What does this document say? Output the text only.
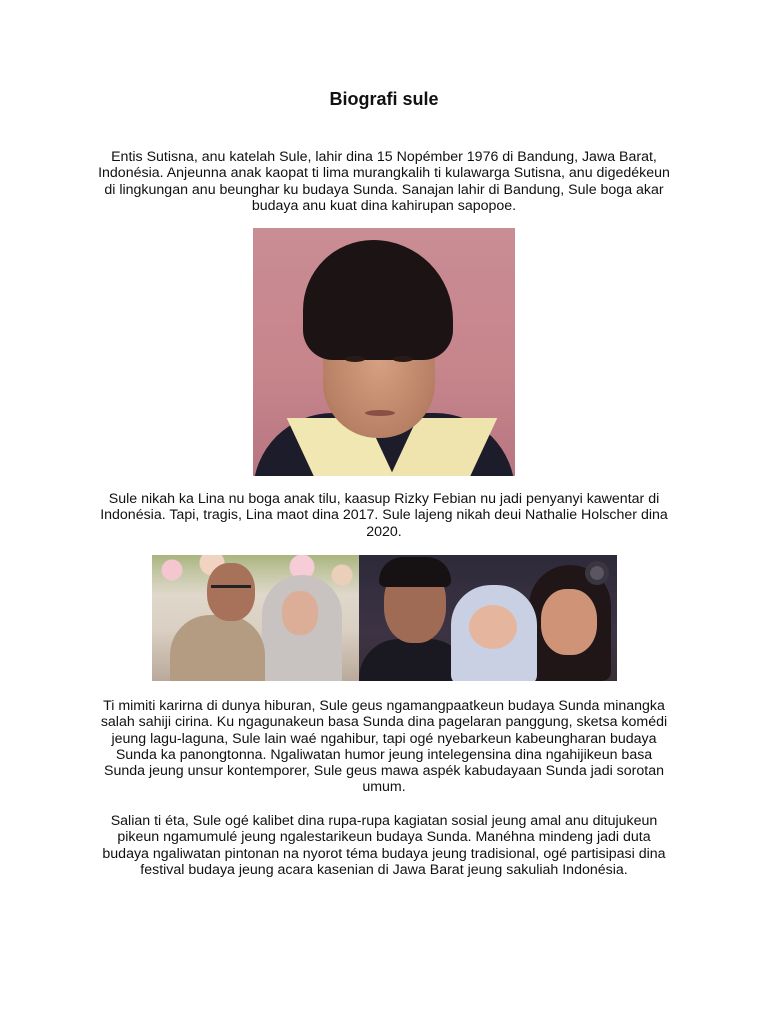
Biografi sule

Entis Sutisna, anu katelah Sule, lahir dina 15 Nopémber 1976 di Bandung, Jawa Barat, Indonésia. Anjeunna anak kaopat ti lima murangkalih ti kulawarga Sutisna, anu digedékeun di lingkungan anu beunghar ku budaya Sunda. Sanajan lahir di Bandung, Sule boga akar budaya anu kuat dina kahirupan sapopoe.

Sule nikah ka Lina nu boga anak tilu, kaasup Rizky Febian nu jadi penyanyi kawentar di Indonésia. Tapi, tragis, Lina maot dina 2017. Sule lajeng nikah deui Nathalie Holscher dina 2020.

Ti mimiti karirna di dunya hiburan, Sule geus ngamangpaatkeun budaya Sunda minangka salah sahiji cirina. Ku ngagunakeun basa Sunda dina pagelaran panggung, sketsa komédi jeung lagu-laguna, Sule lain waé ngahibur, tapi ogé nyebarkeun kabeungharan budaya Sunda ka panongtonna. Ngaliwatan humor jeung intelegensina dina ngahijikeun basa Sunda jeung unsur kontemporer, Sule geus mawa aspék kabudayaan Sunda jadi sorotan umum.

Salian ti éta, Sule ogé kalibet dina rupa-rupa kagiatan sosial jeung amal anu ditujukeun pikeun ngamumulé jeung ngalestarikeun budaya Sunda. Manéhna mindeng jadi duta budaya ngaliwatan pintonan na nyorot téma budaya jeung tradisional, ogé partisipasi dina festival budaya jeung acara kasenian di Jawa Barat jeung sakuliah Indonésia.
